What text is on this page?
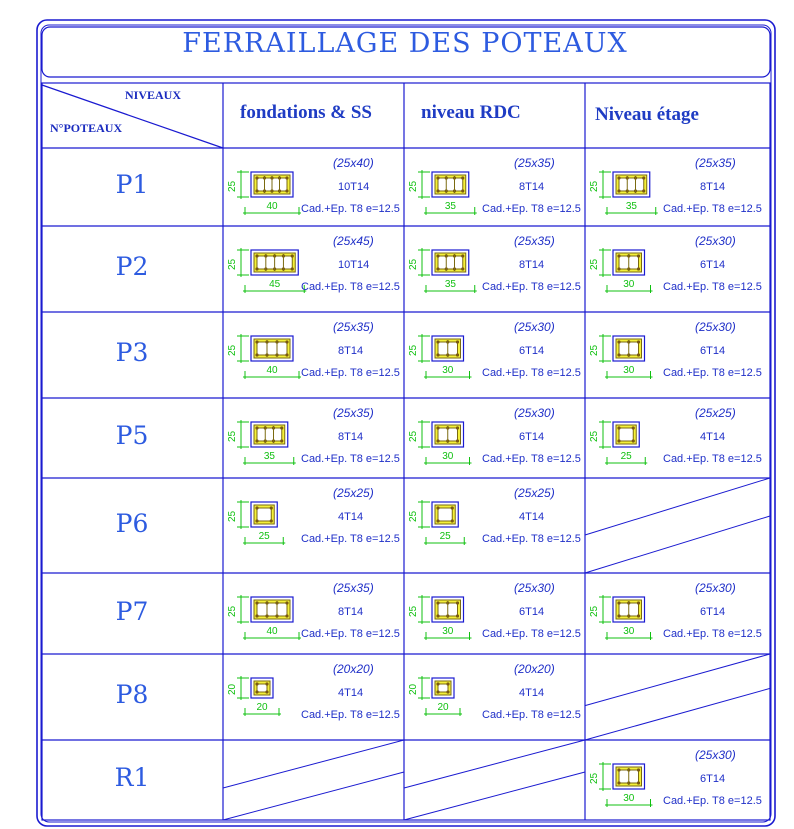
FERRAILLAGE DES POTEAUX
NIVEAUX
N°POTEAUX
fondations & SS	niveau RDC	Niveau étage
P1
(25x40)
10T14
Cad.+Ep. T8 e=12.5
40
25
(25x35)
8T14
Cad.+Ep. T8 e=12.5
35
25
(25x35)
8T14
Cad.+Ep. T8 e=12.5
35
25
P2
(25x45)
10T14
Cad.+Ep. T8 e=12.5
45
25
(25x35)
8T14
Cad.+Ep. T8 e=12.5
35
25
(25x30)
6T14
Cad.+Ep. T8 e=12.5
30
25
P3
(25x35)
8T14
Cad.+Ep. T8 e=12.5
40
25
(25x30)
6T14
Cad.+Ep. T8 e=12.5
30
25
(25x30)
6T14
Cad.+Ep. T8 e=12.5
30
25
P5
(25x35)
8T14
Cad.+Ep. T8 e=12.5
35
25
(25x30)
6T14
Cad.+Ep. T8 e=12.5
30
25
(25x25)
4T14
Cad.+Ep. T8 e=12.5
25
25
P6
(25x25)
4T14
Cad.+Ep. T8 e=12.5
25
25
(25x25)
4T14
Cad.+Ep. T8 e=12.5
25
25
P7
(25x35)
8T14
Cad.+Ep. T8 e=12.5
40
25
(25x30)
6T14
Cad.+Ep. T8 e=12.5
30
25
(25x30)
6T14
Cad.+Ep. T8 e=12.5
30
25
P8
(20x20)
4T14
Cad.+Ep. T8 e=12.5
20
20
(20x20)
4T14
Cad.+Ep. T8 e=12.5
20
20
R1
(25x30)
6T14
Cad.+Ep. T8 e=12.5
30
25
